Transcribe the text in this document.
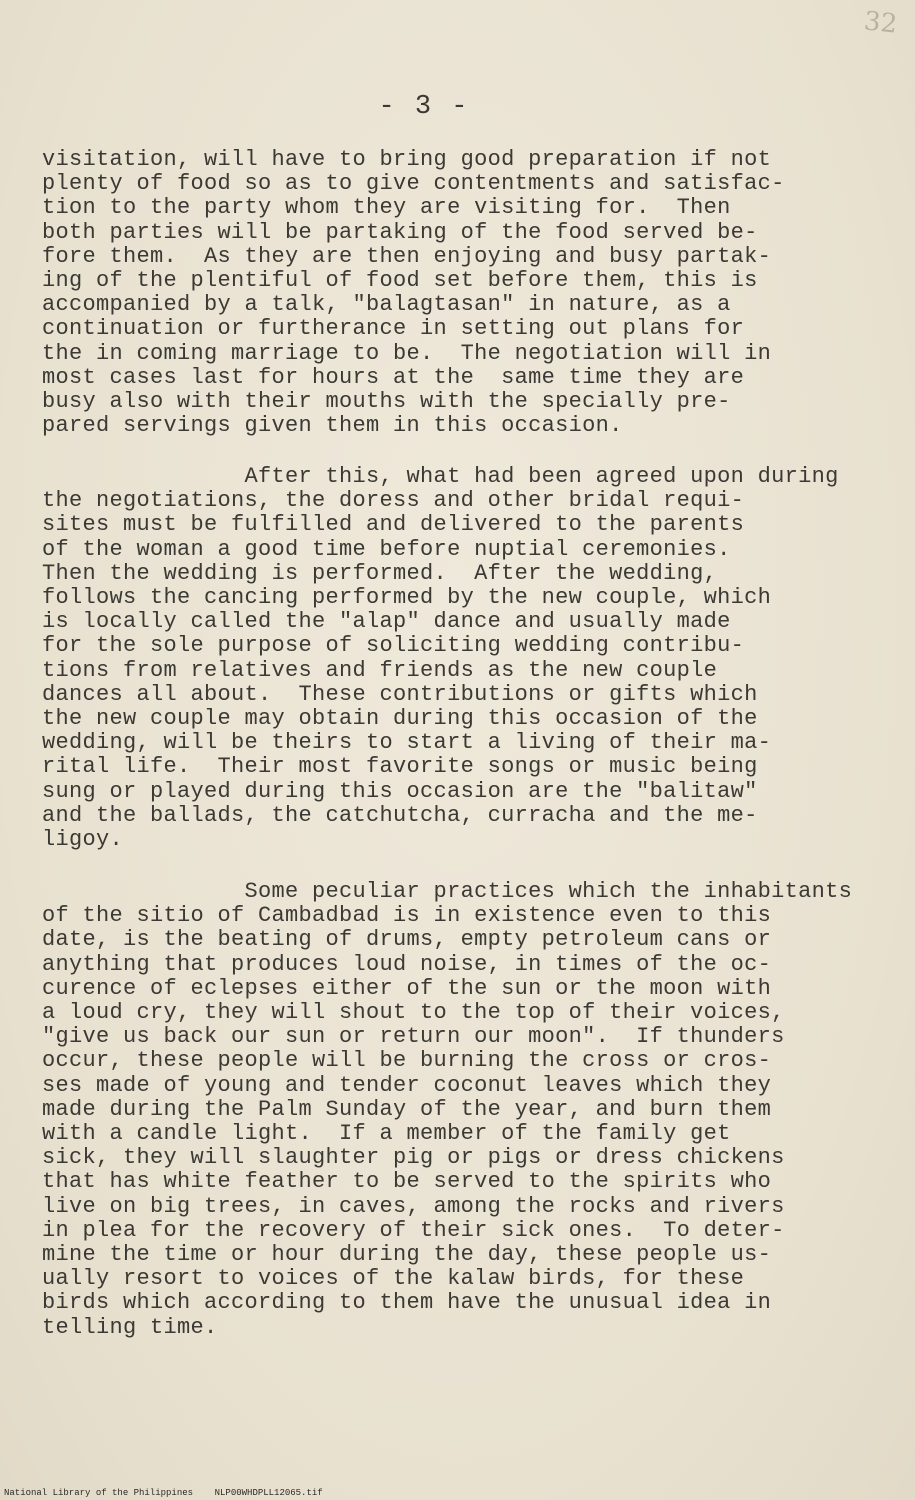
32
- 3 -

visitation, will have to bring good preparation if not
plenty of food so as to give contentments and satisfac-
tion to the party whom they are visiting for.  Then
both parties will be partaking of the food served be-
fore them.  As they are then enjoying and busy partak-
ing of the plentiful of food set before them, this is
accompanied by a talk, "balagtasan" in nature, as a
continuation or furtherance in setting out plans for
the in coming marriage to be.  The negotiation will in
most cases last for hours at the  same time they are
busy also with their mouths with the specially pre-
pared servings given them in this occasion.

After this, what had been agreed upon during
the negotiations, the doress and other bridal requi-
sites must be fulfilled and delivered to the parents
of the woman a good time before nuptial ceremonies.
Then the wedding is performed.  After the wedding,
follows the cancing performed by the new couple, which
is locally called the "alap" dance and usually made
for the sole purpose of soliciting wedding contribu-
tions from relatives and friends as the new couple
dances all about.  These contributions or gifts which
the new couple may obtain during this occasion of the
wedding, will be theirs to start a living of their ma-
rital life.  Their most favorite songs or music being
sung or played during this occasion are the "balitaw"
and the ballads, the catchutcha, curracha and the me-
ligoy.

Some peculiar practices which the inhabitants
of the sitio of Cambadbad is in existence even to this
date, is the beating of drums, empty petroleum cans or
anything that produces loud noise, in times of the oc-
curence of eclepses either of the sun or the moon with
a loud cry, they will shout to the top of their voices,
"give us back our sun or return our moon".  If thunders
occur, these people will be burning the cross or cros-
ses made of young and tender coconut leaves which they
made during the Palm Sunday of the year, and burn them
with a candle light.  If a member of the family get
sick, they will slaughter pig or pigs or dress chickens
that has white feather to be served to the spirits who
live on big trees, in caves, among the rocks and rivers
in plea for the recovery of their sick ones.  To deter-
mine the time or hour during the day, these people us-
ually resort to voices of the kalaw birds, for these
birds which according to them have the unusual idea in
telling time.

National Library of the Philippines    NLP00WHDPLL12065.tif
